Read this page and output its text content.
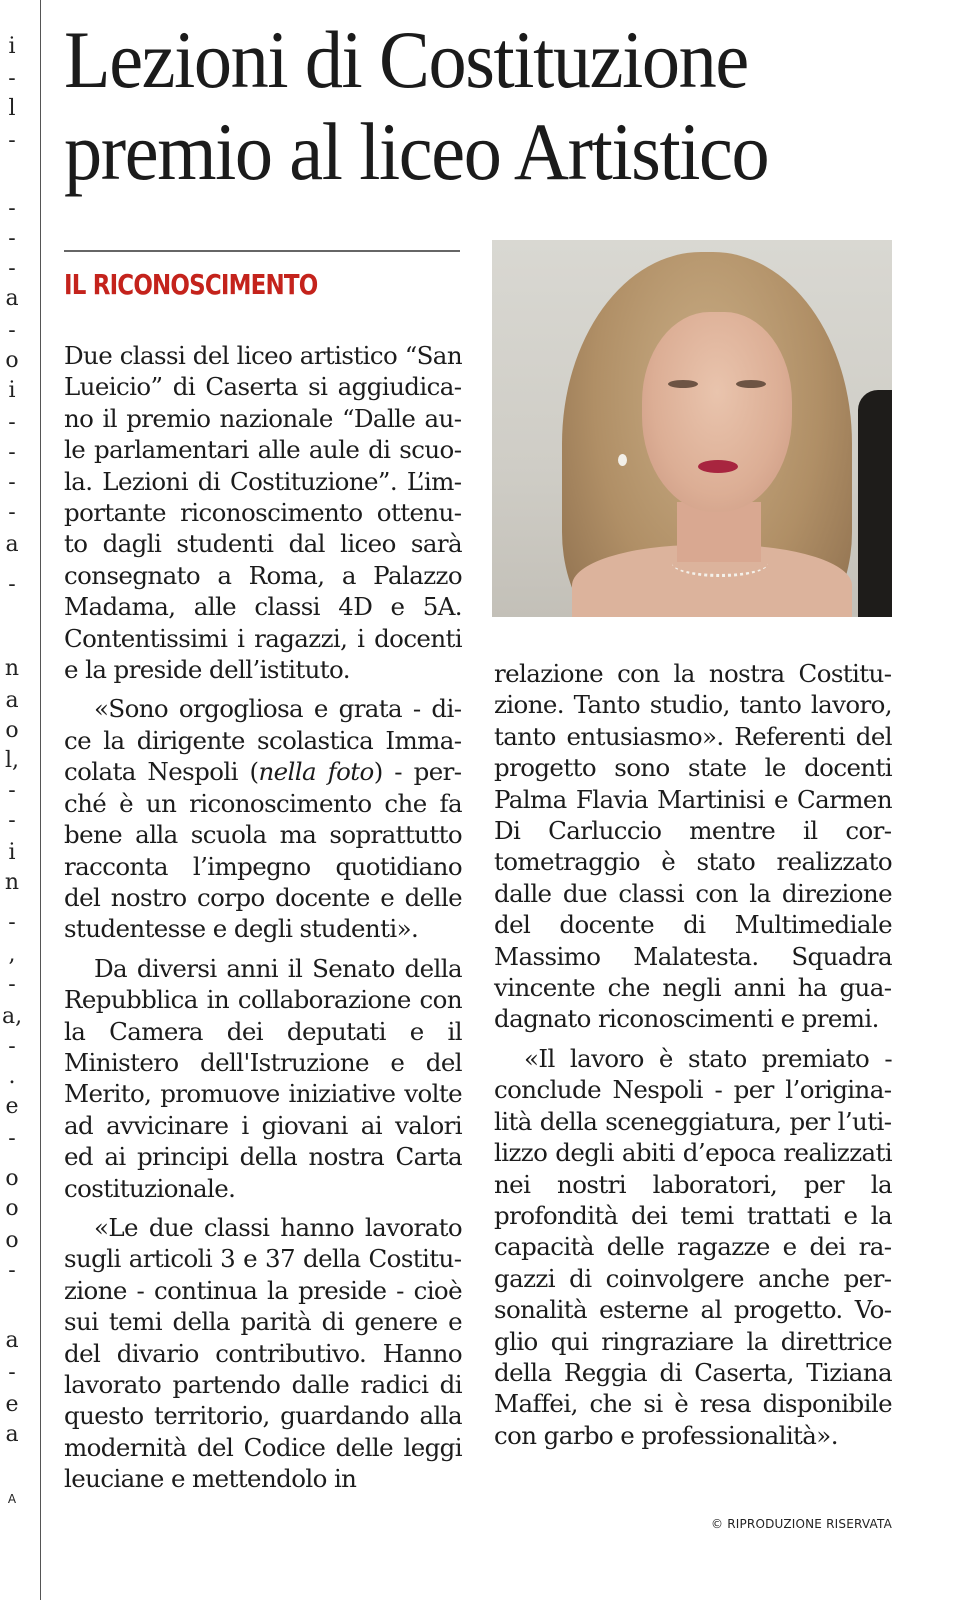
i
-
l
-
-
-
-
a
-
o
i
-
-
-
-
a
-
n
a
o
l,
-
-
i
n
-
,
-
a,
-
.
e
-
o
o
o
-
a
-
e
a
A
Lezioni di Costituzione
premio al liceo Artistico
IL RICONOSCIMENTO

Due classi del liceo artistico “San Lueicio” di Caserta si aggiudicano il premio nazionale “Dalle aule parlamentari alle aule di scuola. Lezioni di Costituzione”. L’importante riconoscimento ottenuto dagli studenti dal liceo sarà consegnato a Roma, a Palazzo Madama, alle classi 4D e 5A. Contentissimi i ragazzi, i docenti e la preside dell’istituto.

«Sono orgogliosa e grata - dice la dirigente scolastica Immacolata Nespoli (nella foto) - perché è un riconoscimento che fa bene alla scuola ma soprattutto racconta l’impegno quotidiano del nostro corpo docente e delle studentesse e degli studenti».

Da diversi anni il Senato della Repubblica in collaborazione con la Camera dei deputati e il Ministero dell'Istruzione e del Merito, promuove iniziative volte ad avvicinare i giovani ai valori ed ai principi della nostra Carta costituzionale.

«Le due classi hanno lavorato sugli articoli 3 e 37 della Costituzione - continua la preside - cioè sui temi della parità di genere e del divario contributivo. Hanno lavorato partendo dalle radici di questo territorio, guardando alla modernità del Codice delle leggi leuciane e mettendolo in

relazione con la nostra Costituzione. Tanto studio, tanto lavoro, tanto entusiasmo». Referenti del progetto sono state le docenti Palma Flavia Martinisi e Carmen Di Carluccio mentre il cortometraggio è stato realizzato dalle due classi con la direzione del docente di Multimediale Massimo Malatesta. Squadra vincente che negli anni ha guadagnato riconoscimenti e premi.

«Il lavoro è stato premiato - conclude Nespoli - per l’originalità della sceneggiatura, per l’utilizzo degli abiti d’epoca realizzati nei nostri laboratori, per la profondità dei temi trattati e la capacità delle ragazze e dei ragazzi di coinvolgere anche personalità esterne al progetto. Voglio qui ringraziare la direttrice della Reggia di Caserta, Tiziana Maffei, che si è resa disponibile con garbo e professionalità».

© RIPRODUZIONE RISERVATA
